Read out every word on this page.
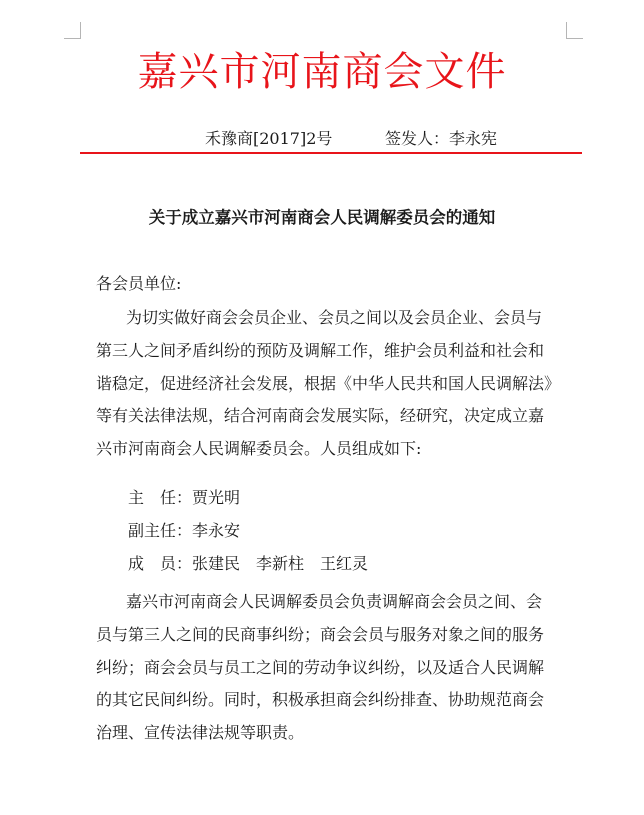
嘉兴市河南商会文件
禾豫商[2017]2号	签发人：李永宪
关于成立嘉兴市河南商会人民调解委员会的通知
各会员单位:
为切实做好商会会员企业、会员之间以及会员企业、会员与
第三人之间矛盾纠纷的预防及调解工作，维护会员利益和社会和
谐稳定，促进经济社会发展，根据《中华人民共和国人民调解法》
等有关法律法规，结合河南商会发展实际，经研究，决定成立嘉
兴市河南商会人民调解委员会。人员组成如下:
主　任：贾光明
副主任：李永安
成　员：张建民　李新柱　王红灵
嘉兴市河南商会人民调解委员会负责调解商会会员之间、会
员与第三人之间的民商事纠纷；商会会员与服务对象之间的服务
纠纷；商会会员与员工之间的劳动争议纠纷，以及适合人民调解
的其它民间纠纷。同时，积极承担商会纠纷排查、协助规范商会
治理、宣传法律法规等职责。
